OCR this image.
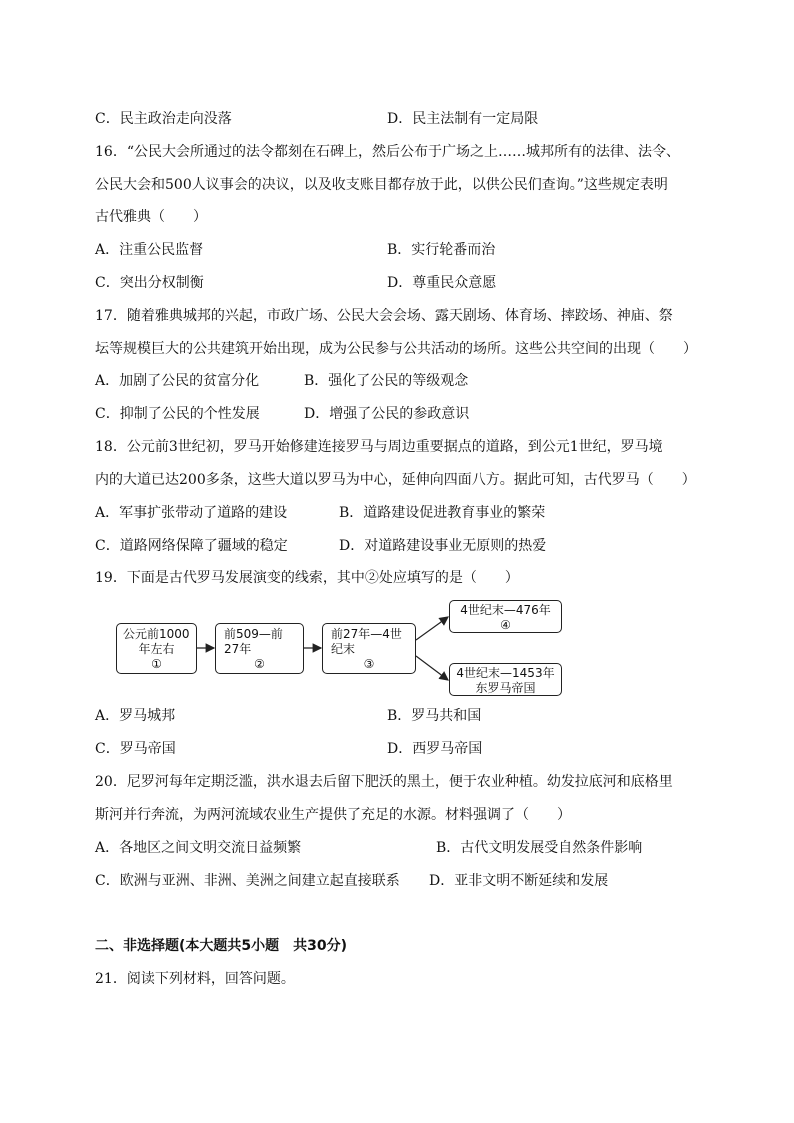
C．民主政治走向没落	D．民主法制有一定局限
16．“公民大会所通过的法令都刻在石碑上，然后公布于广场之上……城邦所有的法律、法令、
公民大会和500人议事会的决议，以及收支账目都存放于此，以供公民们查询。”这些规定表明
古代雅典（　　）
A．注重公民监督	B．实行轮番而治
C．突出分权制衡	D．尊重民众意愿
17．随着雅典城邦的兴起，市政广场、公民大会会场、露天剧场、体育场、摔跤场、神庙、祭
坛等规模巨大的公共建筑开始出现，成为公民参与公共活动的场所。这些公共空间的出现（　　）
A．加剧了公民的贫富分化	B．强化了公民的等级观念
C．抑制了公民的个性发展	D．增强了公民的参政意识
18．公元前3世纪初，罗马开始修建连接罗马与周边重要据点的道路，到公元1世纪，罗马境
内的大道已达200多条，这些大道以罗马为中心，延伸向四面八方。据此可知，古代罗马（　　）
A．军事扩张带动了道路的建设	B．道路建设促进教育事业的繁荣
C．道路网络保障了疆域的稳定	D．对道路建设事业无原则的热爱
19．下面是古代罗马发展演变的线索，其中②处应填写的是（　　）
公元前1000
年左右
①
前509—前
27年
②
前27年—4世
纪末
③
4世纪末—476年
④
4世纪末—1453年
东罗马帝国
A．罗马城邦	B．罗马共和国
C．罗马帝国	D．西罗马帝国
20．尼罗河每年定期泛滥，洪水退去后留下肥沃的黑土，便于农业种植。幼发拉底河和底格里
斯河并行奔流，为两河流域农业生产提供了充足的水源。材料强调了（　　）
A．各地区之间文明交流日益频繁	B．古代文明发展受自然条件影响
C．欧洲与亚洲、非洲、美洲之间建立起直接联系 D．亚非文明不断延续和发展
二、非选择题(本大题共5小题　共30分)
21．阅读下列材料，回答问题。
